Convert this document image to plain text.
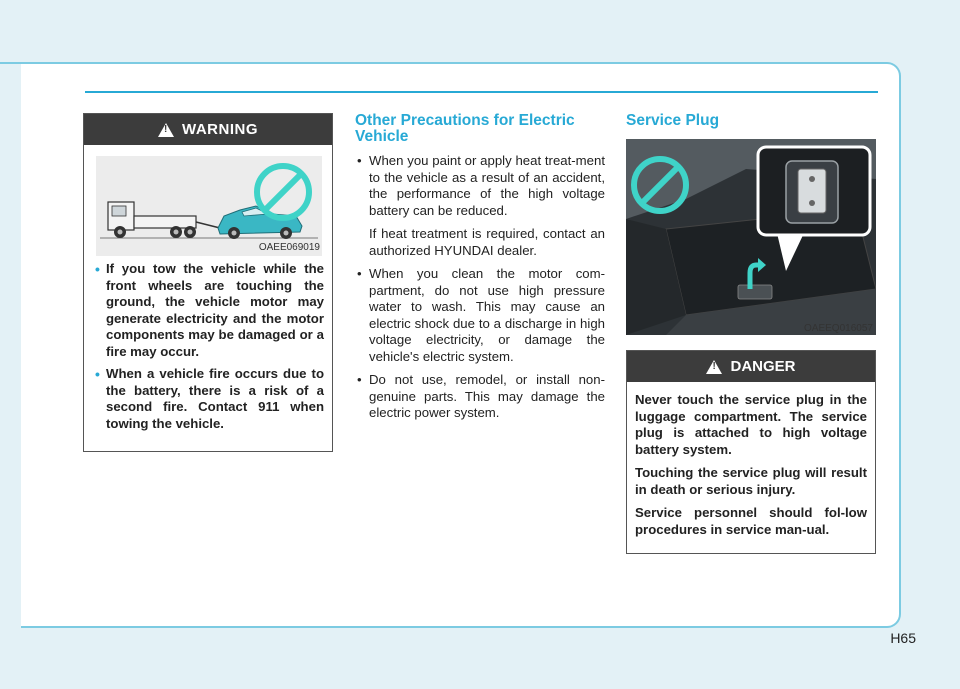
!
WARNING
OAEE069019
• If you tow the vehicle while the front wheels are touching the ground, the vehicle motor may generate electricity and the motor components may be damaged or a fire may occur.
• When a vehicle fire occurs due to the battery, there is a risk of a second fire. Contact 911 when towing the vehicle.
Other Precautions for Electric Vehicle

• When you paint or apply heat treat-ment to the vehicle as a result of an accident, the performance of the high voltage battery can be reduced.

If heat treatment is required, contact an authorized HYUNDAI dealer.

• When you clean the motor com-partment, do not use high pressure water to wash. This may cause an electric shock due to a discharge in high voltage electricity, or damage the vehicle's electric system.

• Do not use, remodel, or install non-genuine parts. This may damage the electric power system.

Service Plug
OAEEQ016057
!
DANGER

Never touch the service plug in the luggage compartment. The service plug is attached to high voltage battery system.

Touching the service plug will result in death or serious injury.

Service personnel should fol-low procedures in service man-ual.

H65
